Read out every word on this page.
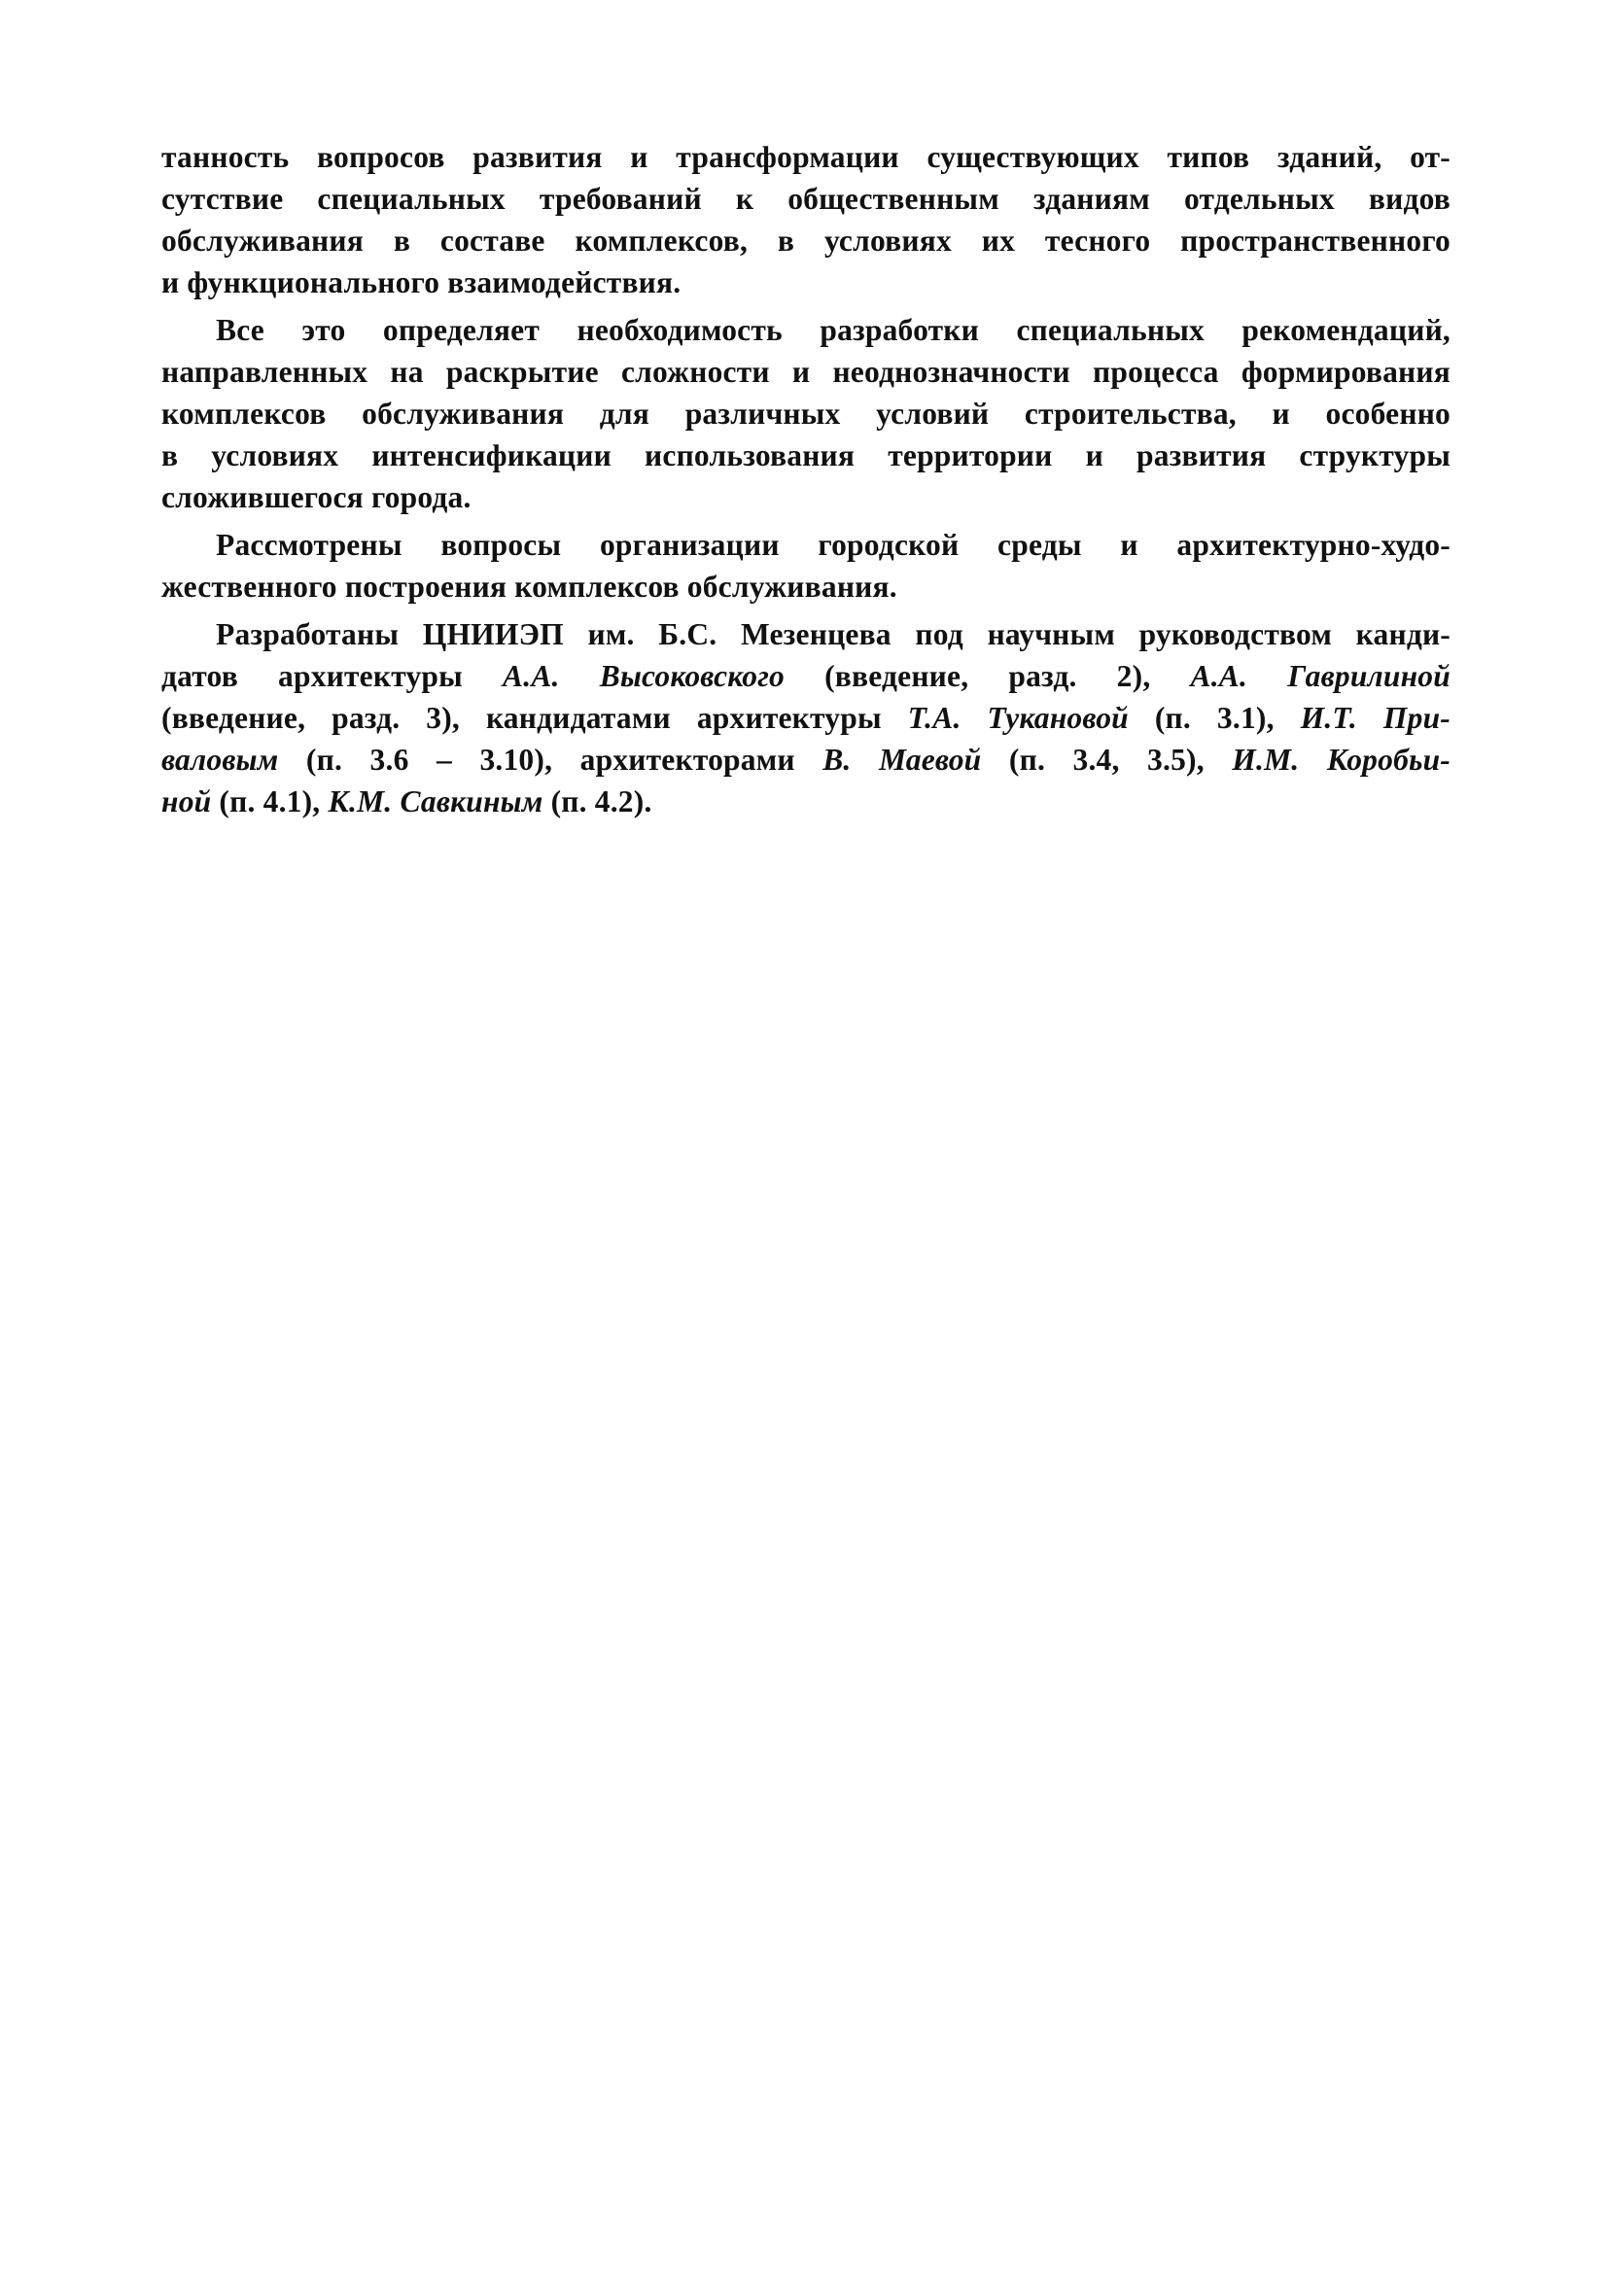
танность вопросов развития и трансформации существующих типов зданий, от-
сутствие специальных требований к общественным зданиям отдельных видов
обслуживания в составе комплексов, в условиях их тесного пространственного
и функционального взаимодействия.

Все это определяет необходимость разработки специальных рекомендаций,
направленных на раскрытие сложности и неоднозначности процесса формирования
комплексов обслуживания для различных условий строительства, и особенно
в условиях интенсификации использования территории и развития структуры
сложившегося города.

Рассмотрены вопросы организации городской среды и архитектурно-худо-
жественного построения комплексов обслуживания.

Разработаны ЦНИИЭП им. Б.С. Мезенцева под научным руководством канди-
датов архитектуры А.А. Высоковского (введение, разд. 2), А.А. Гаврилиной
(введение, разд. 3), кандидатами архитектуры Т.А. Тукановой (п. 3.1), И.Т. При-
валовым (п. 3.6 – 3.10), архитекторами В. Маевой (п. 3.4, 3.5), И.М. Коробьи-
ной (п. 4.1), К.М. Савкиным (п. 4.2).
